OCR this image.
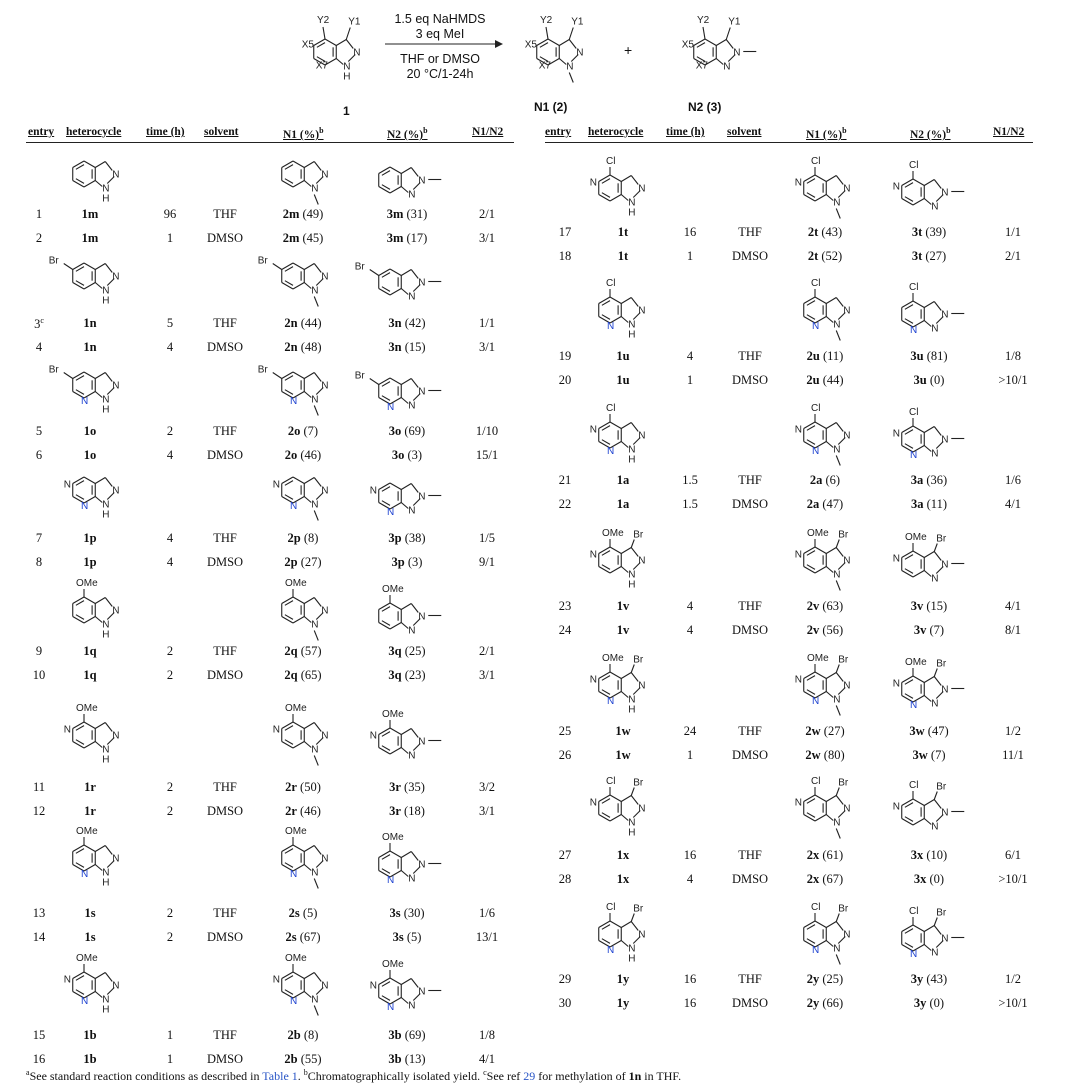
N
N
H
X5
X7
Y2 Y1
N
N
X5
X7
Y2 Y1
N
N
X5
X7
Y2 Y1
1.5 eq NaHMDS
3 eq MeI
THF or DMSO
20 °C/1-24h
+
1	N1 (2)	N2 (3)
entry heterocycle time (h) solvent	N1 (%)$^b$	N2 (%)$^b$	N1/N2	entry heterocycle time (h) solvent	N1 (%)$^b$	N2 (%)$^b$	N1/N2
1	1m	96	THF	2m (49)	3m (31)	2/1
2	1m	1	DMSO	2m (45)	3m (17)	3/1
3$^c$	1n	5	THF	2n (44)	3n (42)	1/1
4	1n	4	DMSO	2n (48)	3n (15)	3/1
5	1o	2	THF	2o (7)	3o (69)	1/10
6	1o	4	DMSO	2o (46)	3o (3)	15/1
7	1p	4	THF	2p (8)	3p (38)	1/5
8	1p	4	DMSO	2p (27)	3p (3)	9/1
9	1q	2	THF	2q (57)	3q (25)	2/1
10	1q	2	DMSO	2q (65)	3q (23)	3/1
11	1r	2	THF	2r (50)	3r (35)	3/2
12	1r	2	DMSO	2r (46)	3r (18)	3/1
13	1s	2	THF	2s (5)	3s (30)	1/6
14	1s	2	DMSO	2s (67)	3s (5)	13/1
15	1b	1	THF	2b (8)	3b (69)	1/8
16	1b	1	DMSO	2b (55)	3b (13)	4/1
17	1t	16	THF	2t (43)	3t (39)	1/1
18	1t	1	DMSO	2t (52)	3t (27)	2/1
19	1u	4	THF	2u (11)	3u (81)	1/8
20	1u	1	DMSO	2u (44)	3u (0)	>10/1
21	1a	1.5	THF	2a (6)	3a (36)	1/6
22	1a	1.5	DMSO	2a (47)	3a (11)	4/1
23	1v	4	THF	2v (63)	3v (15)	4/1
24	1v	4	DMSO	2v (56)	3v (7)	8/1
25	1w	24	THF	2w (27)	3w (47)	1/2
26	1w	1	DMSO	2w (80)	3w (7)	11/1
27	1x	16	THF	2x (61)	3x (10)	6/1
28	1x	4	DMSO	2x (67)	3x (0)	>10/1
29	1y	16	THF	2y (25)	3y (43)	1/2
30	1y	16	DMSO	2y (66)	3y (0)	>10/1
N
N
H
N
N
N
N
N
N
H
Br
N
N
Br
N
N
Br
N
N
H
N
Br
N
N
N
Br
N
N
N
Br
N
N
H
N
N
N
N
N
N
N
N
N
N
N
N
H
OMe
N
N
OMe
N
N
OMe
N
N
H
N
OMe
N
N
N
OMe
N
N
N
OMe
N
N
H
N
OMe
N
N
N
OMe
N
N
N
OMe
N
N
H
N
N
OMe
N
N
N
N
OMe
N
N
N
N
OMe
N
N
H
N
Cl
N
N
N
Cl
N
N
N
Cl
N
N
H
N
Cl
N
N
N
Cl
N
N
N
Cl
N
N
H
N
N
Cl
N
N
N
N
Cl
N
N
N
N
Cl
N
N
H
N
OMe Br
N
N
N
OMe Br
N
N
N
OMe Br
N
N
H
N
N
OMe Br
N
N
N
N
OMe Br
N
N
N
N
OMe Br
N
N
H
N
Cl Br
N
N
N
Cl Br
N
N
N
Cl Br
N
N
H
N
Cl Br
N
N
N
Cl Br
N
N
N
Cl Br
$^a$See standard reaction conditions as described in Table 1. $^b$Chromatographically isolated yield. $^c$See ref 29 for methylation of 1n in THF.
